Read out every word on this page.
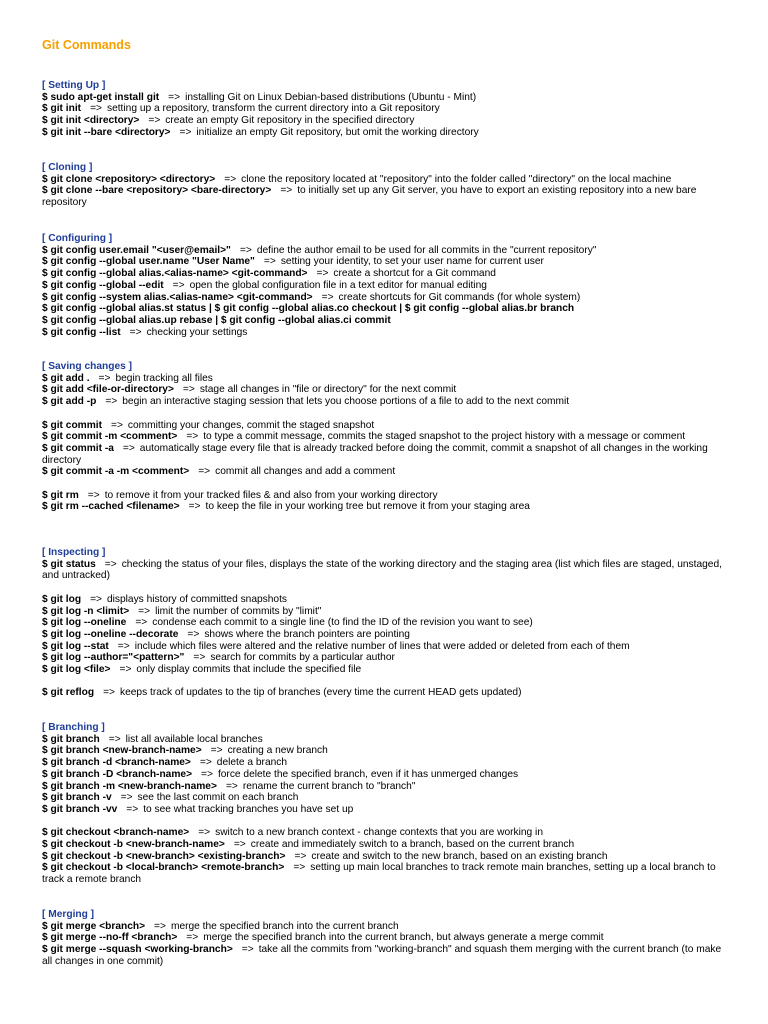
Git Commands
[ Setting Up ]
$ sudo apt-get install git => installing Git on Linux Debian-based distributions (Ubuntu - Mint)
$ git init => setting up a repository, transform the current directory into a Git repository
$ git init <directory> => create an empty Git repository in the specified directory
$ git init --bare <directory> => initialize an empty Git repository, but omit the working directory
[ Cloning ]
$ git clone <repository> <directory> => clone the repository located at "repository" into the folder called "directory" on the local machine
$ git clone --bare <repository> <bare-directory> => to initially set up any Git server, you have to export an existing repository into a new bare repository
[ Configuring ]
$ git config user.email "<user@email>" => define the author email to be used for all commits in the "current repository"
$ git config --global user.name "User Name" => setting your identity, to set your user name for current user
$ git config --global alias.<alias-name> <git-command> => create a shortcut for a Git command
$ git config --global --edit => open the global configuration file in a text editor for manual editing
$ git config --system alias.<alias-name> <git-command> => create shortcuts for Git commands (for whole system)
$ git config --global alias.st status | $ git config --global alias.co checkout | $ git config --global alias.br branch
$ git config --global alias.up rebase | $ git config --global alias.ci commit
$ git config --list => checking your settings
[ Saving changes ]
$ git add . => begin tracking all files
$ git add <file-or-directory> => stage all changes in "file or directory" for the next commit
$ git add -p => begin an interactive staging session that lets you choose portions of a file to add to the next commit
$ git commit => committing your changes, commit the staged snapshot
$ git commit -m <comment> => to type a commit message, commits the staged snapshot to the project history with a message or comment
$ git commit -a => automatically stage every file that is already tracked before doing the commit, commit a snapshot of all changes in the working directory
$ git commit -a -m <comment> => commit all changes and add a comment
$ git rm => to remove it from your tracked files & and also from your working directory
$ git rm --cached <filename> => to keep the file in your working tree but remove it from your staging area
[ Inspecting ]
$ git status => checking the status of your files, displays the state of the working directory and the staging area (list which files are staged, unstaged, and untracked)
$ git log => displays history of committed snapshots
$ git log -n <limit> => limit the number of commits by "limit"
$ git log --oneline => condense each commit to a single line (to find the ID of the revision you want to see)
$ git log --oneline --decorate => shows where the branch pointers are pointing
$ git log --stat => include which files were altered and the relative number of lines that were added or deleted from each of them
$ git log --author="<pattern>" => search for commits by a particular author
$ git log <file> => only display commits that include the specified file
$ git reflog => keeps track of updates to the tip of branches (every time the current HEAD gets updated)
[ Branching ]
$ git branch => list all available local branches
$ git branch <new-branch-name> => creating a new branch
$ git branch -d <branch-name> => delete a branch
$ git branch -D <branch-name> => force delete the specified branch, even if it has unmerged changes
$ git branch -m <new-branch-name> => rename the current branch to "branch"
$ git branch -v => see the last commit on each branch
$ git branch -vv => to see what tracking branches you have set up
$ git checkout <branch-name> => switch to a new branch context - change contexts that you are working in
$ git checkout -b <new-branch-name> => create and immediately switch to a branch, based on the current branch
$ git checkout -b <new-branch> <existing-branch> => create and switch to the new branch, based on an existing branch
$ git checkout -b <local-branch> <remote-branch> => setting up main local branches to track remote main branches, setting up a local branch to track a remote branch
[ Merging ]
$ git merge <branch> => merge the specified branch into the current branch
$ git merge --no-ff <branch> => merge the specified branch into the current branch, but always generate a merge commit
$ git merge --squash <working-branch> => take all the commits from "working-branch" and squash them merging with the current branch (to make all changes in one commit)
